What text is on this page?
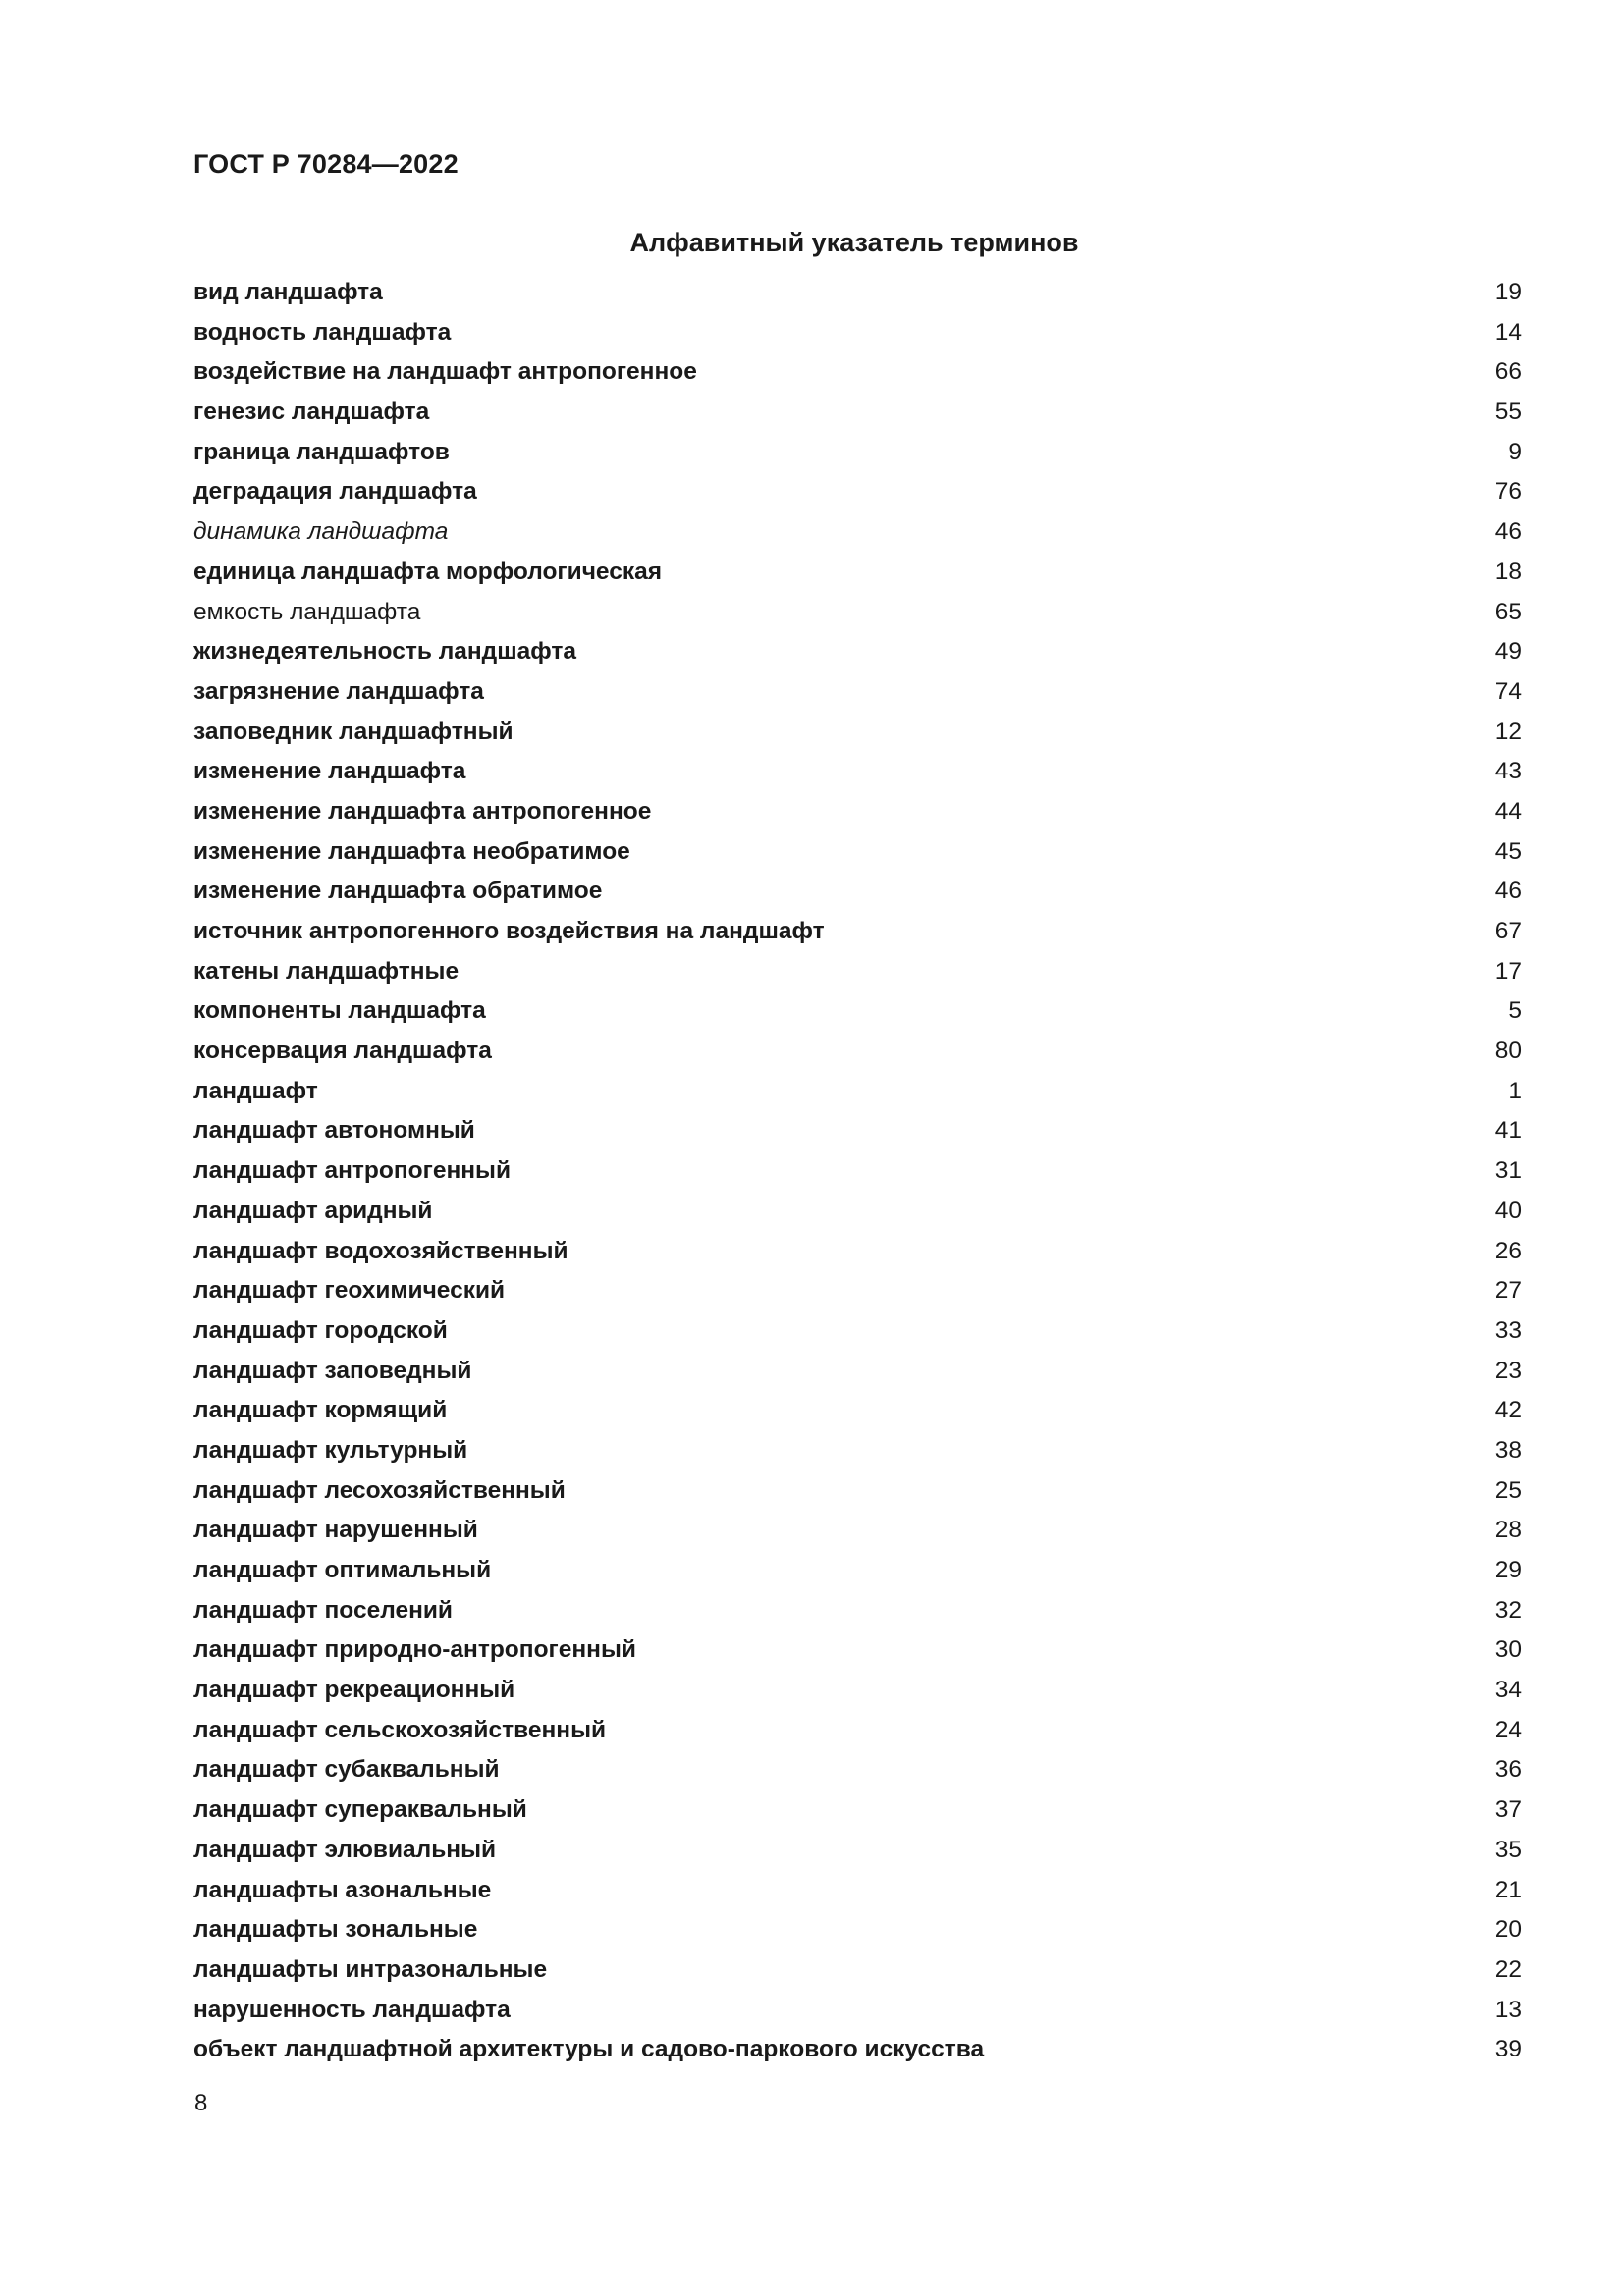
ГОСТ Р 70284—2022

Алфавитный указатель терминов
вид ландшафта	19
водность ландшафта	14
воздействие на ландшафт антропогенное	66
генезис ландшафта	55
граница ландшафтов	9
деградация ландшафта	76
динамика ландшафта	46
единица ландшафта морфологическая	18
емкость ландшафта	65
жизнедеятельность ландшафта	49
загрязнение ландшафта	74
заповедник ландшафтный	12
изменение ландшафта	43
изменение ландшафта антропогенное	44
изменение ландшафта необратимое	45
изменение ландшафта обратимое	46
источник антропогенного воздействия на ландшафт	67
катены ландшафтные	17
компоненты ландшафта	5
консервация ландшафта	80
ландшафт	1
ландшафт автономный	41
ландшафт антропогенный	31
ландшафт аридный	40
ландшафт водохозяйственный	26
ландшафт геохимический	27
ландшафт городской	33
ландшафт заповедный	23
ландшафт кормящий	42
ландшафт культурный	38
ландшафт лесохозяйственный	25
ландшафт нарушенный	28
ландшафт оптимальный	29
ландшафт поселений	32
ландшафт природно-антропогенный	30
ландшафт рекреационный	34
ландшафт сельскохозяйственный	24
ландшафт субаквальный	36
ландшафт супераквальный	37
ландшафт элювиальный	35
ландшафты азональные	21
ландшафты зональные	20
ландшафты интразональные	22
нарушенность ландшафта	13
объект ландшафтной архитектуры и садово-паркового искусства	39

8
